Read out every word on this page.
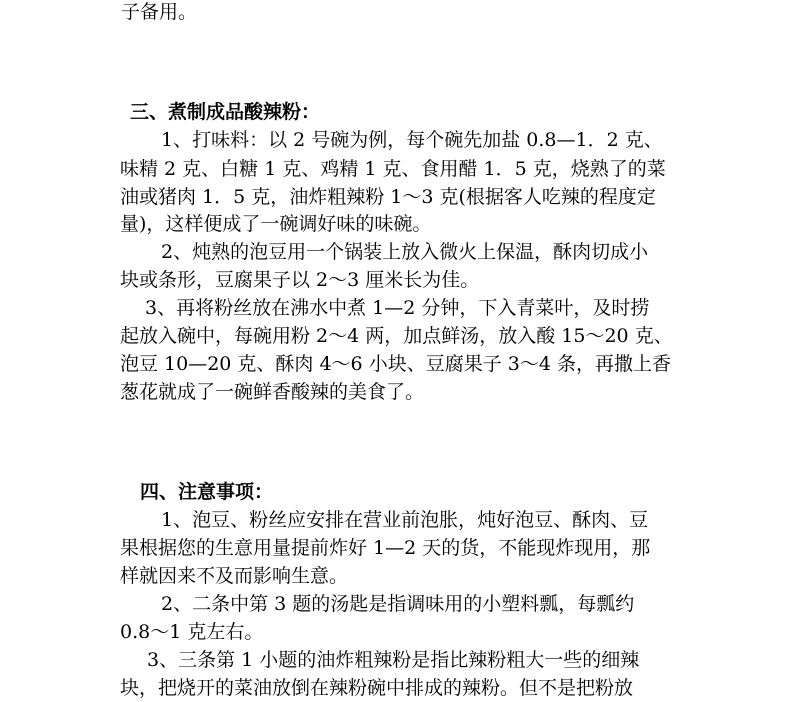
子备用。
三、煮制成品酸辣粉：
1、打味料：以 2 号碗为例，每个碗先加盐 0.8—1．2 克、
味精 2 克、白糖 1 克、鸡精 1 克、食用醋 1．5 克，烧熟了的菜
油或猪肉 1．5 克，油炸粗辣粉 1～3 克(根据客人吃辣的程度定
量)，这样便成了一碗调好味的味碗。
2、炖熟的泡豆用一个锅装上放入微火上保温，酥肉切成小
块或条形，豆腐果子以 2～3 厘米长为佳。
3、再将粉丝放在沸水中煮 1—2 分钟，下入青菜叶，及时捞
起放入碗中，每碗用粉 2～4 两，加点鲜汤，放入酸 15～20 克、
泡豆 10—20 克、酥肉 4～6 小块、豆腐果子 3～4 条，再撒上香
葱花就成了一碗鲜香酸辣的美食了。
四、注意事项：
1、泡豆、粉丝应安排在营业前泡胀，炖好泡豆、酥肉、豆
果根据您的生意用量提前炸好 1—2 天的货，不能现炸现用，那
样就因来不及而影响生意。
2、二条中第 3 题的汤匙是指调味用的小塑料瓢，每瓢约
0.8～1 克左右。
3、三条第 1 小题的油炸粗辣粉是指比辣粉粗大一些的细辣
块，把烧开的菜油放倒在辣粉碗中排成的辣粉。但不是把粉放
